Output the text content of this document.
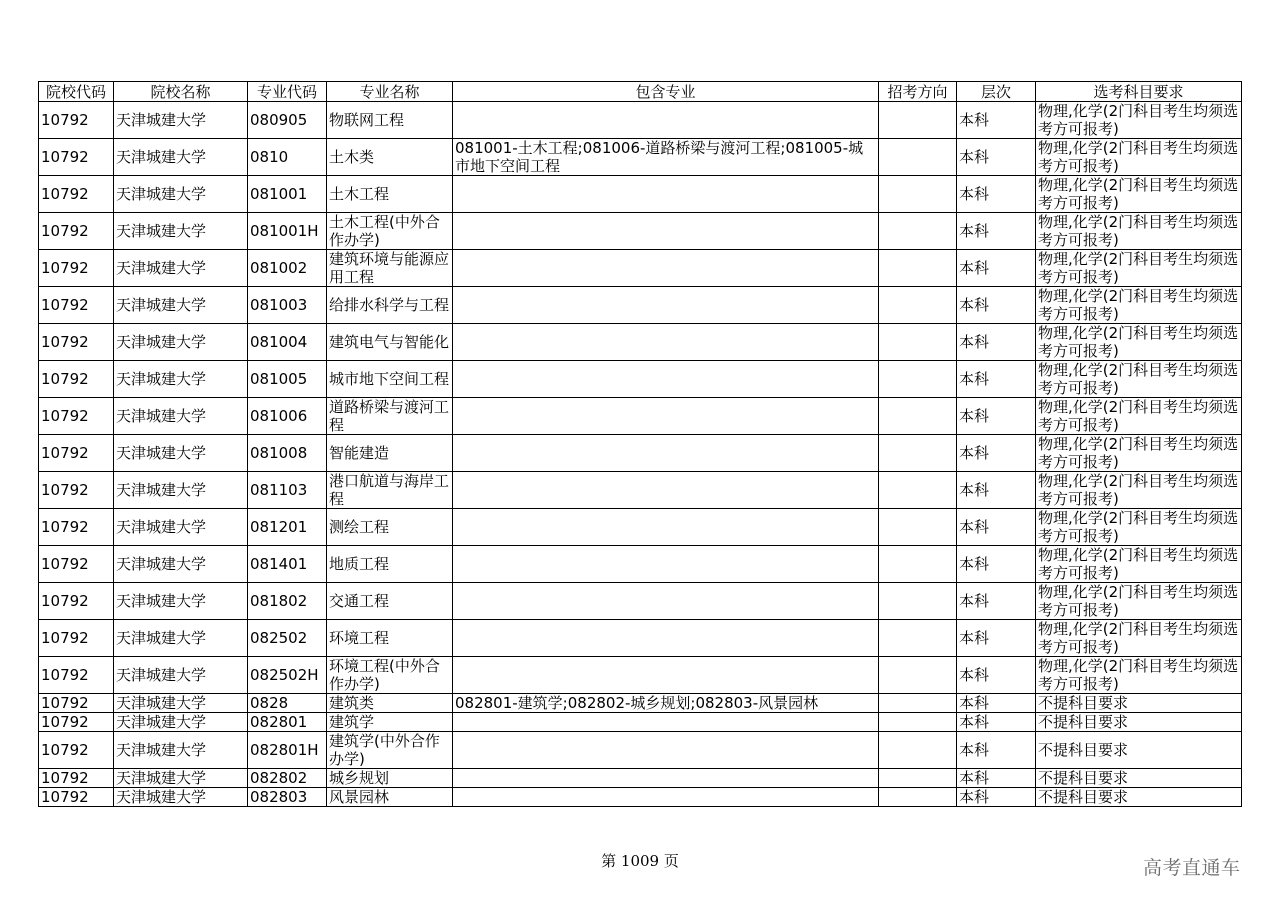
院校代码	院校名称	专业代码	专业名称	包含专业	招考方向	层次	选考科目要求
10792	天津城建大学	080905	物联网工程			本科	物理,化学(2门科目考生均须选考方可报考)
10792	天津城建大学	0810	土木类	081001-土木工程;081006-道路桥梁与渡河工程;081005-城市地下空间工程		本科	物理,化学(2门科目考生均须选考方可报考)
10792	天津城建大学	081001	土木工程			本科	物理,化学(2门科目考生均须选考方可报考)
10792	天津城建大学	081001H	土木工程(中外合作办学)			本科	物理,化学(2门科目考生均须选考方可报考)
10792	天津城建大学	081002	建筑环境与能源应用工程			本科	物理,化学(2门科目考生均须选考方可报考)
10792	天津城建大学	081003	给排水科学与工程			本科	物理,化学(2门科目考生均须选考方可报考)
10792	天津城建大学	081004	建筑电气与智能化			本科	物理,化学(2门科目考生均须选考方可报考)
10792	天津城建大学	081005	城市地下空间工程			本科	物理,化学(2门科目考生均须选考方可报考)
10792	天津城建大学	081006	道路桥梁与渡河工程			本科	物理,化学(2门科目考生均须选考方可报考)
10792	天津城建大学	081008	智能建造			本科	物理,化学(2门科目考生均须选考方可报考)
10792	天津城建大学	081103	港口航道与海岸工程			本科	物理,化学(2门科目考生均须选考方可报考)
10792	天津城建大学	081201	测绘工程			本科	物理,化学(2门科目考生均须选考方可报考)
10792	天津城建大学	081401	地质工程			本科	物理,化学(2门科目考生均须选考方可报考)
10792	天津城建大学	081802	交通工程			本科	物理,化学(2门科目考生均须选考方可报考)
10792	天津城建大学	082502	环境工程			本科	物理,化学(2门科目考生均须选考方可报考)
10792	天津城建大学	082502H	环境工程(中外合作办学)			本科	物理,化学(2门科目考生均须选考方可报考)
10792	天津城建大学	0828	建筑类	082801-建筑学;082802-城乡规划;082803-风景园林		本科	不提科目要求
10792	天津城建大学	082801	建筑学			本科	不提科目要求
10792	天津城建大学	082801H	建筑学(中外合作办学)			本科	不提科目要求
10792	天津城建大学	082802	城乡规划			本科	不提科目要求
10792	天津城建大学	082803	风景园林			本科	不提科目要求
第 1009 页	高考直通车
